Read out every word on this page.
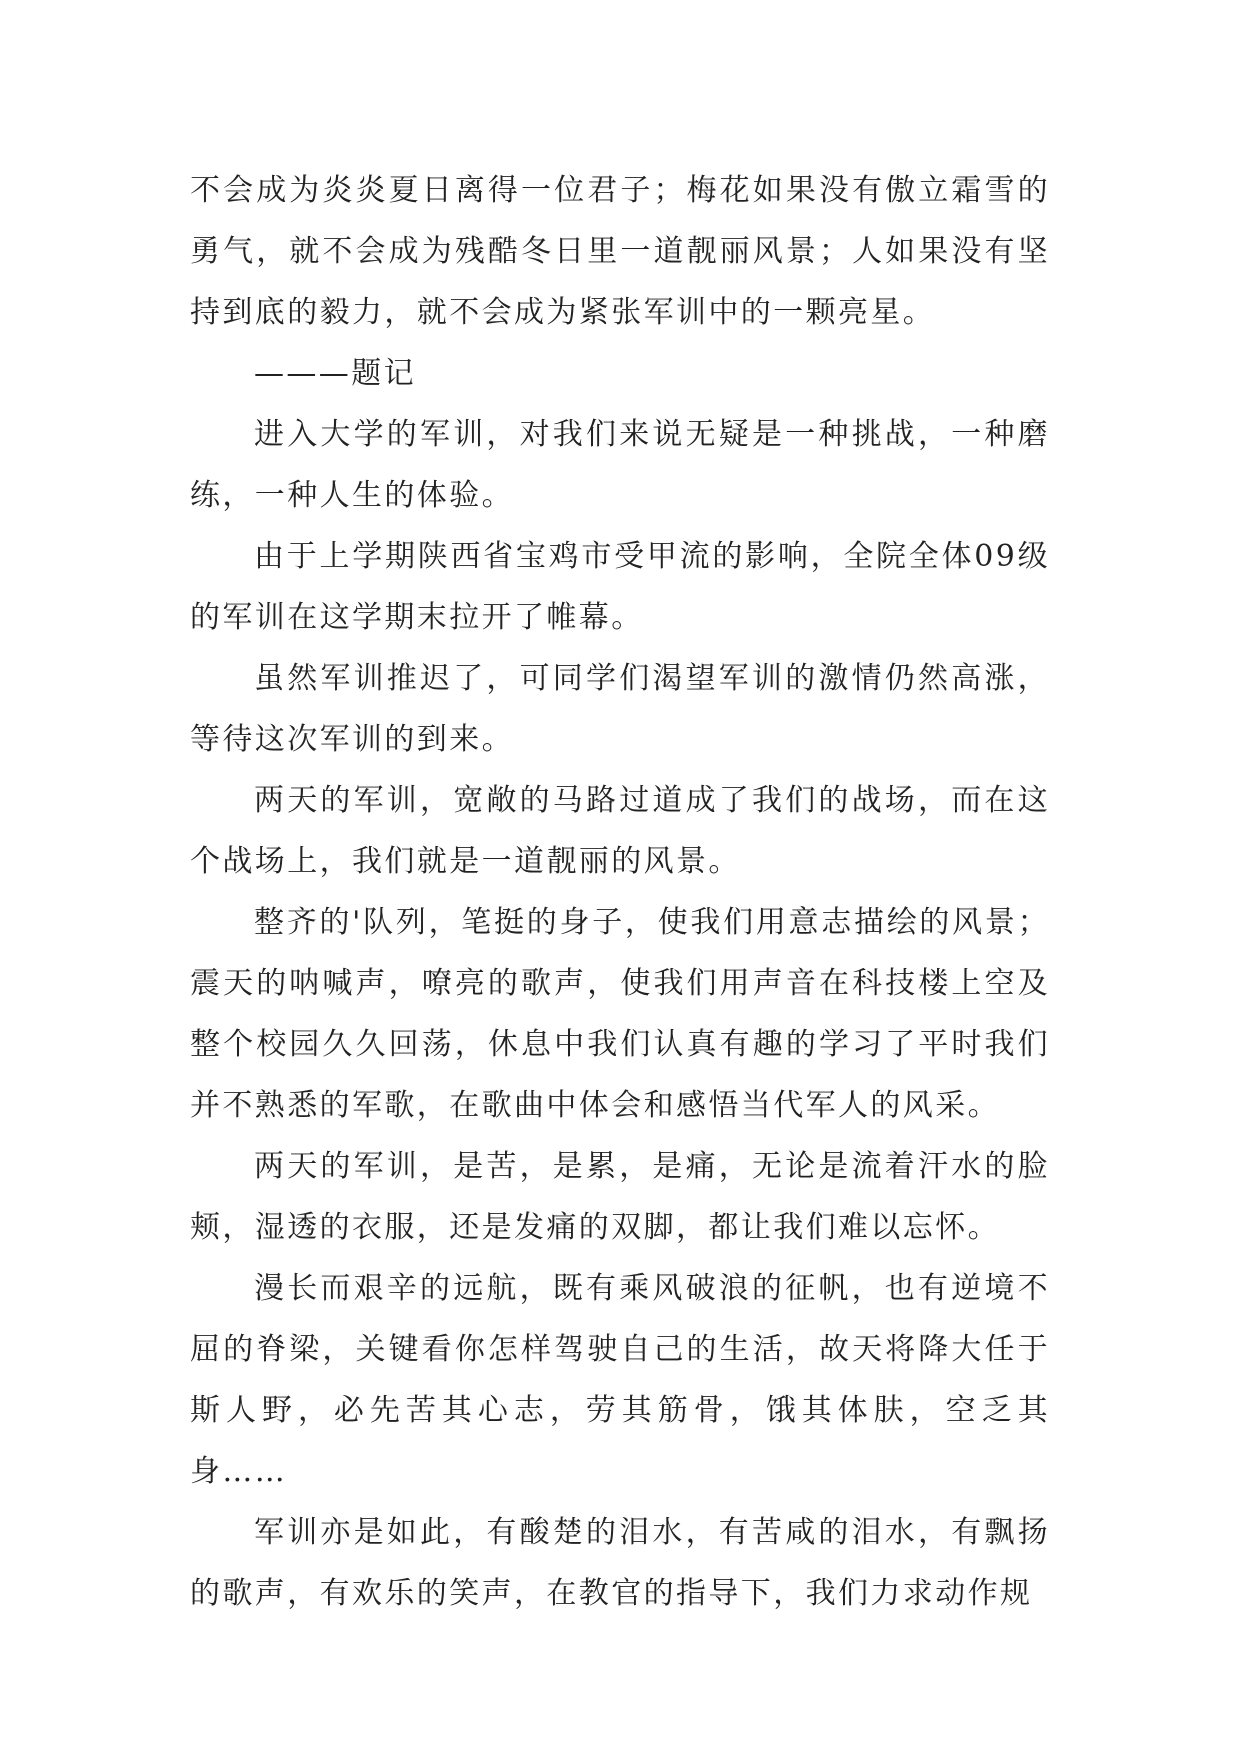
不会成为炎炎夏日离得一位君子；梅花如果没有傲立霜雪的勇气，就不会成为残酷冬日里一道靓丽风景；人如果没有坚持到底的毅力，就不会成为紧张军训中的一颗亮星。

———题记

进入大学的军训，对我们来说无疑是一种挑战，一种磨练，一种人生的体验。

由于上学期陕西省宝鸡市受甲流的影响，全院全体09级的军训在这学期末拉开了帷幕。

虽然军训推迟了，可同学们渴望军训的激情仍然高涨，等待这次军训的到来。

两天的军训，宽敞的马路过道成了我们的战场，而在这个战场上，我们就是一道靓丽的风景。

整齐的'队列，笔挺的身子，使我们用意志描绘的风景；震天的呐喊声，嘹亮的歌声，使我们用声音在科技楼上空及整个校园久久回荡，休息中我们认真有趣的学习了平时我们并不熟悉的军歌，在歌曲中体会和感悟当代军人的风采。

两天的军训，是苦，是累，是痛，无论是流着汗水的脸颊，湿透的衣服，还是发痛的双脚，都让我们难以忘怀。

漫长而艰辛的远航，既有乘风破浪的征帆，也有逆境不屈的脊梁，关键看你怎样驾驶自己的生活，故天将降大任于斯人野，必先苦其心志，劳其筋骨，饿其体肤，空乏其身……

军训亦是如此，有酸楚的泪水，有苦咸的泪水，有飘扬的歌声，有欢乐的笑声，在教官的指导下，我们力求动作规
